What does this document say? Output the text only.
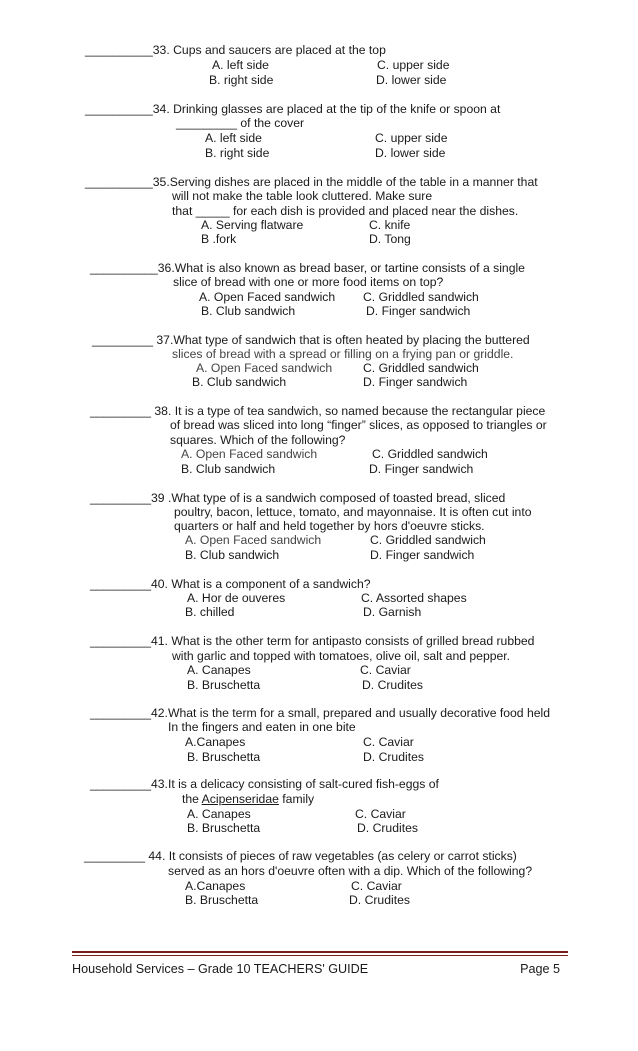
__________33. Cups and saucers are placed at the top
A. left side
B. right side
C. upper side
D. lower side
__________34. Drinking glasses are placed at the tip of the knife or spoon at
_________ of the cover
A. left side
B. right side
C. upper side
D. lower side
__________35.Serving dishes are placed in the middle of the table in a manner that
will not make the table look cluttered. Make sure
that _____ for each dish is provided and placed near the dishes.
A. Serving flatware
B .fork
C. knife
D. Tong
__________36.What is also known as bread baser, or tartine consists of a single
slice of bread with one or more food items on top?
A. Open Faced sandwich
B. Club sandwich
C. Griddled sandwich
D. Finger sandwich
_________ 37.What type of sandwich that is often heated by placing the buttered
slices of bread with a spread or filling on a frying pan or griddle.
A. Open Faced sandwich
B. Club sandwich
C. Griddled sandwich
D. Finger sandwich
_________ 38. It is a type of tea sandwich, so named because the rectangular piece
of bread was sliced into long “finger” slices, as opposed to triangles or
squares. Which of the following?
A. Open Faced sandwich
B. Club sandwich
C. Griddled sandwich
D. Finger sandwich
_________39 .What type of is a sandwich composed of toasted bread, sliced
poultry, bacon, lettuce, tomato, and mayonnaise. It is often cut into
quarters or half and held together by hors d'oeuvre sticks.
A. Open Faced sandwich
B. Club sandwich
C. Griddled sandwich
D. Finger sandwich
_________40. What is a component of a sandwich?
A. Hor de ouveres
B. chilled
C. Assorted shapes
D. Garnish
_________41. What is the other term for antipasto consists of grilled bread rubbed
with garlic and topped with tomatoes, olive oil, salt and pepper.
A. Canapes
B. Bruschetta
C. Caviar
D. Crudites
_________42.What is the term for a small, prepared and usually decorative food held
In the fingers and eaten in one bite
A.Canapes
B. Bruschetta
C. Caviar
D. Crudites
_________43.It is a delicacy consisting of salt-cured fish-eggs of
the Acipenseridae family
A. Canapes
B. Bruschetta
C. Caviar
D. Crudites
_________ 44. It consists of pieces of raw vegetables (as celery or carrot sticks)
served as an hors d'oeuvre often with a dip. Which of the following?
A.Canapes
B. Bruschetta
C. Caviar
D. Crudites
Household Services – Grade 10 TEACHERS' GUIDE	Page 5
